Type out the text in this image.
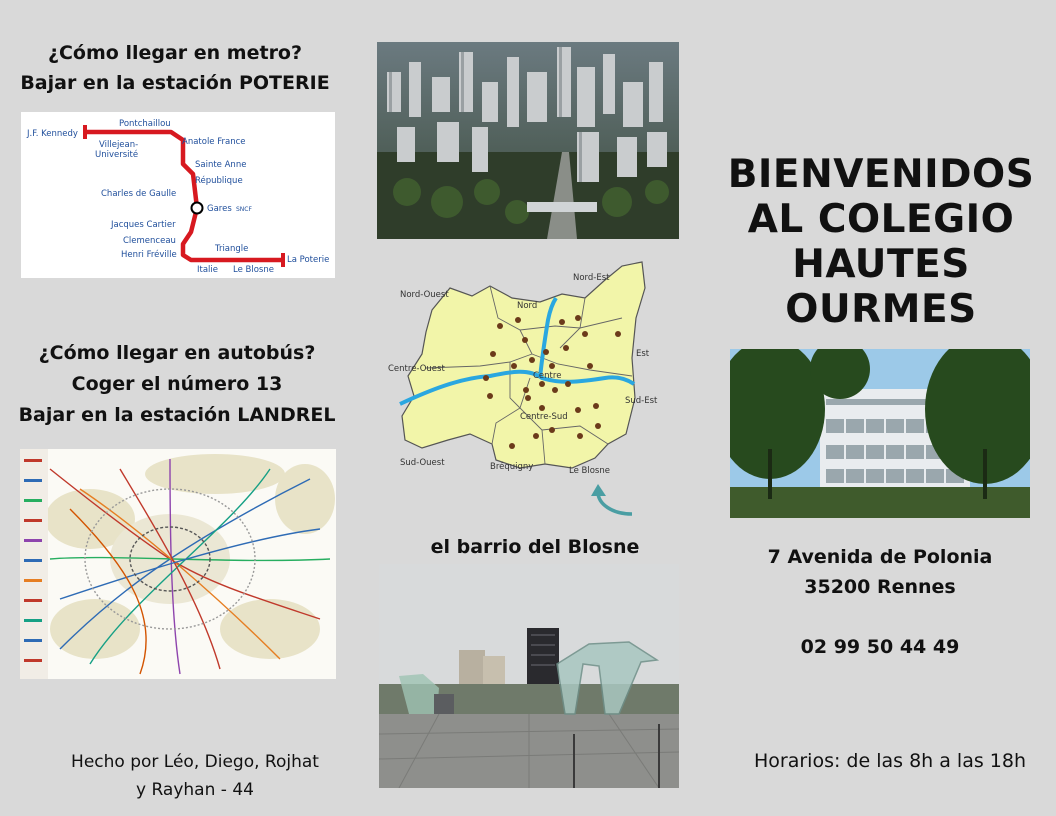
¿Cómo llegar en metro?
Bajar en la estación POTERIE
J.F. Kennedy
Pontchaillou
Villejean-
Université
Anatole France
Sainte Anne
République
Charles de Gaulle
Gares SNCF
Jacques Cartier
Clemenceau
Henri Fréville
Triangle
Italie Le Blosne
La Poterie
¿Cómo llegar en autobús?
Coger el número 13
Bajar en la estación LANDREL
Hecho por Léo, Diego, Rojhat
y Rayhan - 44
Nord-Ouest
Nord
Nord-Est
Est
Sud-Est
Centre-Ouest
Centre
Centre-Sud
Sud-Ouest	Bréquigny	Le Blosne
el barrio del Blosne
BIENVENIDOS
AL COLEGIO
HAUTES
OURMES
7 Avenida de Polonia
35200 Rennes
02 99 50 44 49
Horarios: de las 8h a las 18h
